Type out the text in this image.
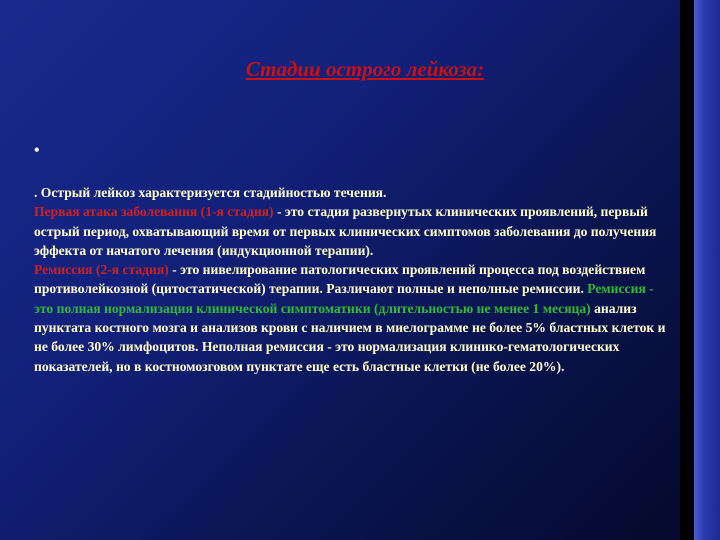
Стадии острого лейкоза:
•
. Острый лейкоз характеризуется стадийностью течения.
Первая атака заболевания (1-я стадия) - это стадия развернутых клинических проявлений, первый острый период, охватывающий время от первых клинических симптомов заболевания до получения эффекта от начатого лечения (индукционной терапии).
Ремиссия (2-я стадия) - это нивелирование патологических проявлений процесса под воздействием противолейкозной (цитостатической) терапии. Различают полные и неполные ремиссии. Ремиссия - это полная нормализация клинической симптоматики (длительностью не менее 1 месяца) анализ пунктата костного мозга и анализов крови с наличием в миелограмме не более 5% бластных клеток и не более 30% лимфоцитов. Неполная ремиссия - это нормализация клинико-гематологических показателей, но в костномозговом пунктате еще есть бластные клетки (не более 20%).
